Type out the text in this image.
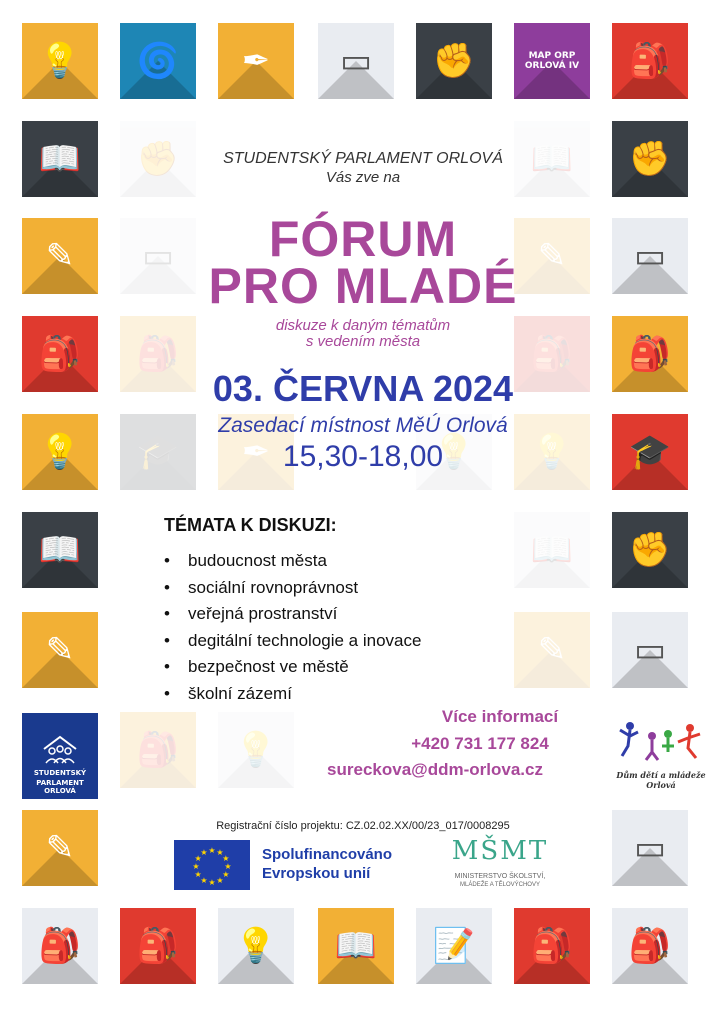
💡	🌀	✒	▭	✊	MAP ORP
ORLOVÁ IV	🎒
📖	✊	📖	✊
✎	▭	✎	▭
🎒	🎒	🎒	🎒
💡	🎓	✒	💡	💡	🎓
📖	📖	✊
✎	✎	▭
🎒	💡
✎	▭
🎒	🎒	💡	📖	📝	🎒	🎒
STUDENTSKÝ PARLAMENT ORLOVÁ
Vás zve na
FÓRUM
PRO MLADÉ
diskuze k daným tématům
s vedením města
03. ČERVNA 2024
Zasedací místnost MěÚ Orlová
15,30-18,00
TÉMATA K DISKUZI:
• budoucnost města
• sociální rovnoprávnost
• veřejná prostranství
• degitální technologie a inovace
• bezpečnost ve městě
• školní zázemí
Více informací
+420 731 177 824
sureckova@ddm-orlova.cz
STUDENTSKÝ
PARLAMENT ORLOVÁ
Dům dětí a mládeže
Orlová
Registrační číslo projektu: CZ.02.02.XX/00/23_017/0008295
★
★
★
★
★
★
★
★
★ ★ ★
★ Spolufinancováno
Evropskou unií
MŠMT
MINISTERSTVO ŠKOLSTVÍ,
MLÁDEŽE A TĚLOVÝCHOVY
